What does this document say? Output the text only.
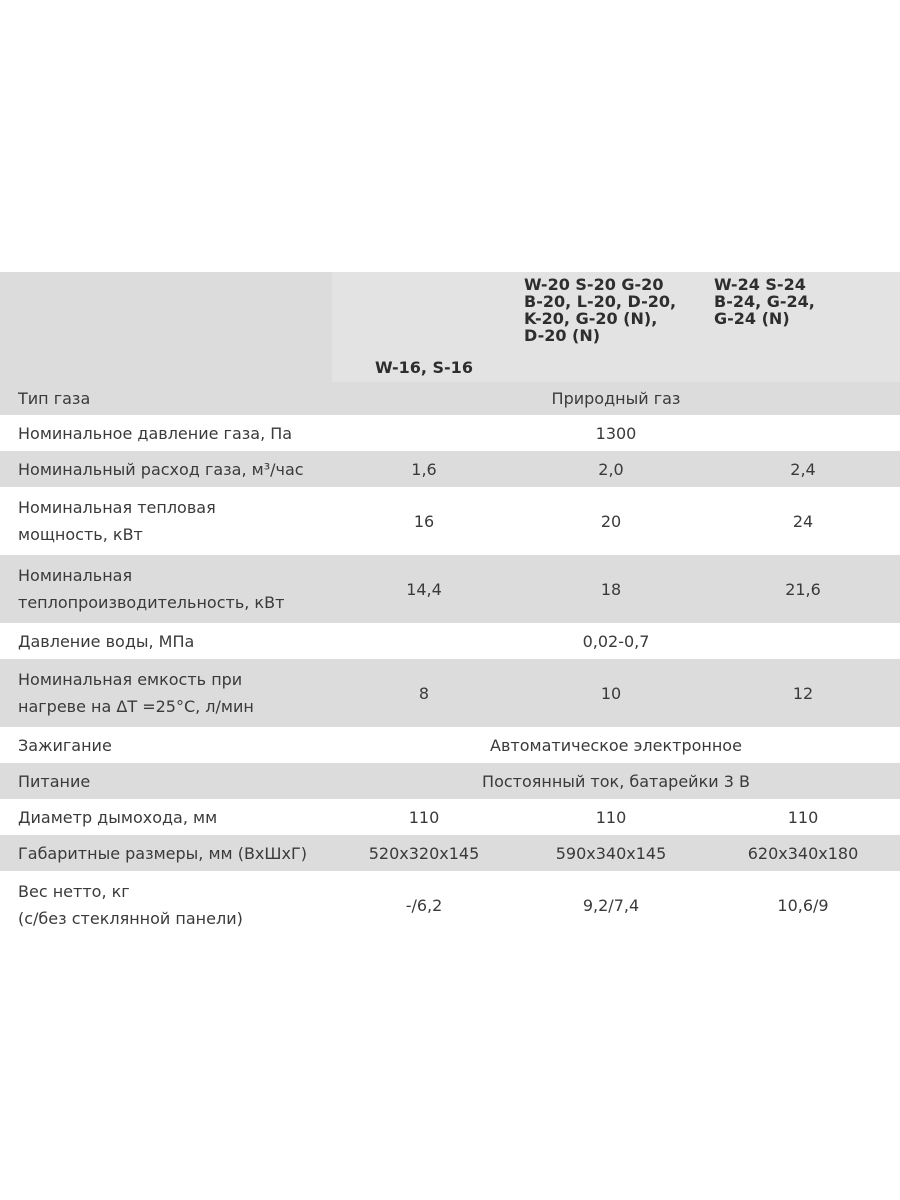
	W-16, S-16	W-20 S-20 G-20
B-20, L-20, D-20,
K-20, G-20 (N),
D-20 (N)	W-24 S-24
B-24, G-24,
G-24 (N)
Тип газа	Природный газ		
Номинальное давление газа, Па	1300		
Номинальный расход газа, м³/час	1,6	2,0	2,4
Номинальная тепловая
мощность, кВт	16	20	24
Номинальная
теплопроизводительность, кВт	14,4	18	21,6
Давление воды, МПа	0,02-0,7		
Номинальная емкость при
нагреве на ΔT =25°C, л/мин	8	10	12
Зажигание	Автоматическое электронное		
Питание	Постоянный ток, батарейки 3 В		
Диаметр дымохода, мм	110	110	110
Габаритные размеры, мм (ВхШхГ)	520x320x145	590x340x145	620x340x180
Вес нетто, кг
(с/без стеклянной панели)	-/6,2	9,2/7,4	10,6/9
